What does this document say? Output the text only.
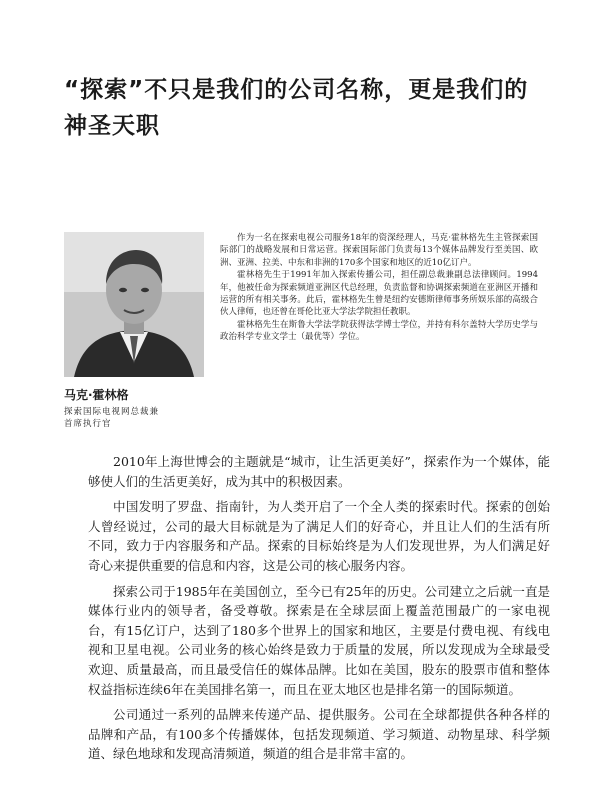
“探索”不只是我们的公司名称，更是我们的神圣天职

马克·霍林格

探索国际电视网总裁兼
首席执行官

作为一名在探索电视公司服务18年的资深经理人，马克·霍林格先生主管探索国际部门的战略发展和日常运营。探索国际部门负责每13个媒体品牌发行至美国、欧洲、亚洲、拉美、中东和非洲的170多个国家和地区的近10亿订户。

霍林格先生于1991年加入探索传播公司，担任副总裁兼副总法律顾问。1994年，他被任命为探索频道亚洲区代总经理，负责监督和协调探索频道在亚洲区开播和运营的所有相关事务。此后，霍林格先生曾是纽约安德斯律师事务所娱乐部的高级合伙人律师，也还曾在哥伦比亚大学法学院担任教职。

霍林格先生在斯鲁大学法学院获得法学博士学位，并持有科尔盖特大学历史学与政治科学专业文学士（最优等）学位。

2010年上海世博会的主题就是“城市，让生活更美好”，探索作为一个媒体，能够使人们的生活更美好，成为其中的积极因素。

中国发明了罗盘、指南针，为人类开启了一个全人类的探索时代。探索的创始人曾经说过，公司的最大目标就是为了满足人们的好奇心，并且让人们的生活有所不同，致力于内容服务和产品。探索的目标始终是为人们发现世界，为人们满足好奇心来提供重要的信息和内容，这是公司的核心服务内容。

探索公司于1985年在美国创立，至今已有25年的历史。公司建立之后就一直是媒体行业内的领导者，备受尊敬。探索是在全球层面上覆盖范围最广的一家电视台，有15亿订户，达到了180多个世界上的国家和地区，主要是付费电视、有线电视和卫星电视。公司业务的核心始终是致力于质量的发展，所以发现成为全球最受欢迎、质量最高，而且最受信任的媒体品牌。比如在美国，股东的股票市值和整体权益指标连续6年在美国排名第一，而且在亚太地区也是排名第一的国际频道。

公司通过一系列的品牌来传递产品、提供服务。公司在全球都提供各种各样的品牌和产品，有100多个传播媒体，包括发现频道、学习频道、动物星球、科学频道、绿色地球和发现高清频道，频道的组合是非常丰富的。
